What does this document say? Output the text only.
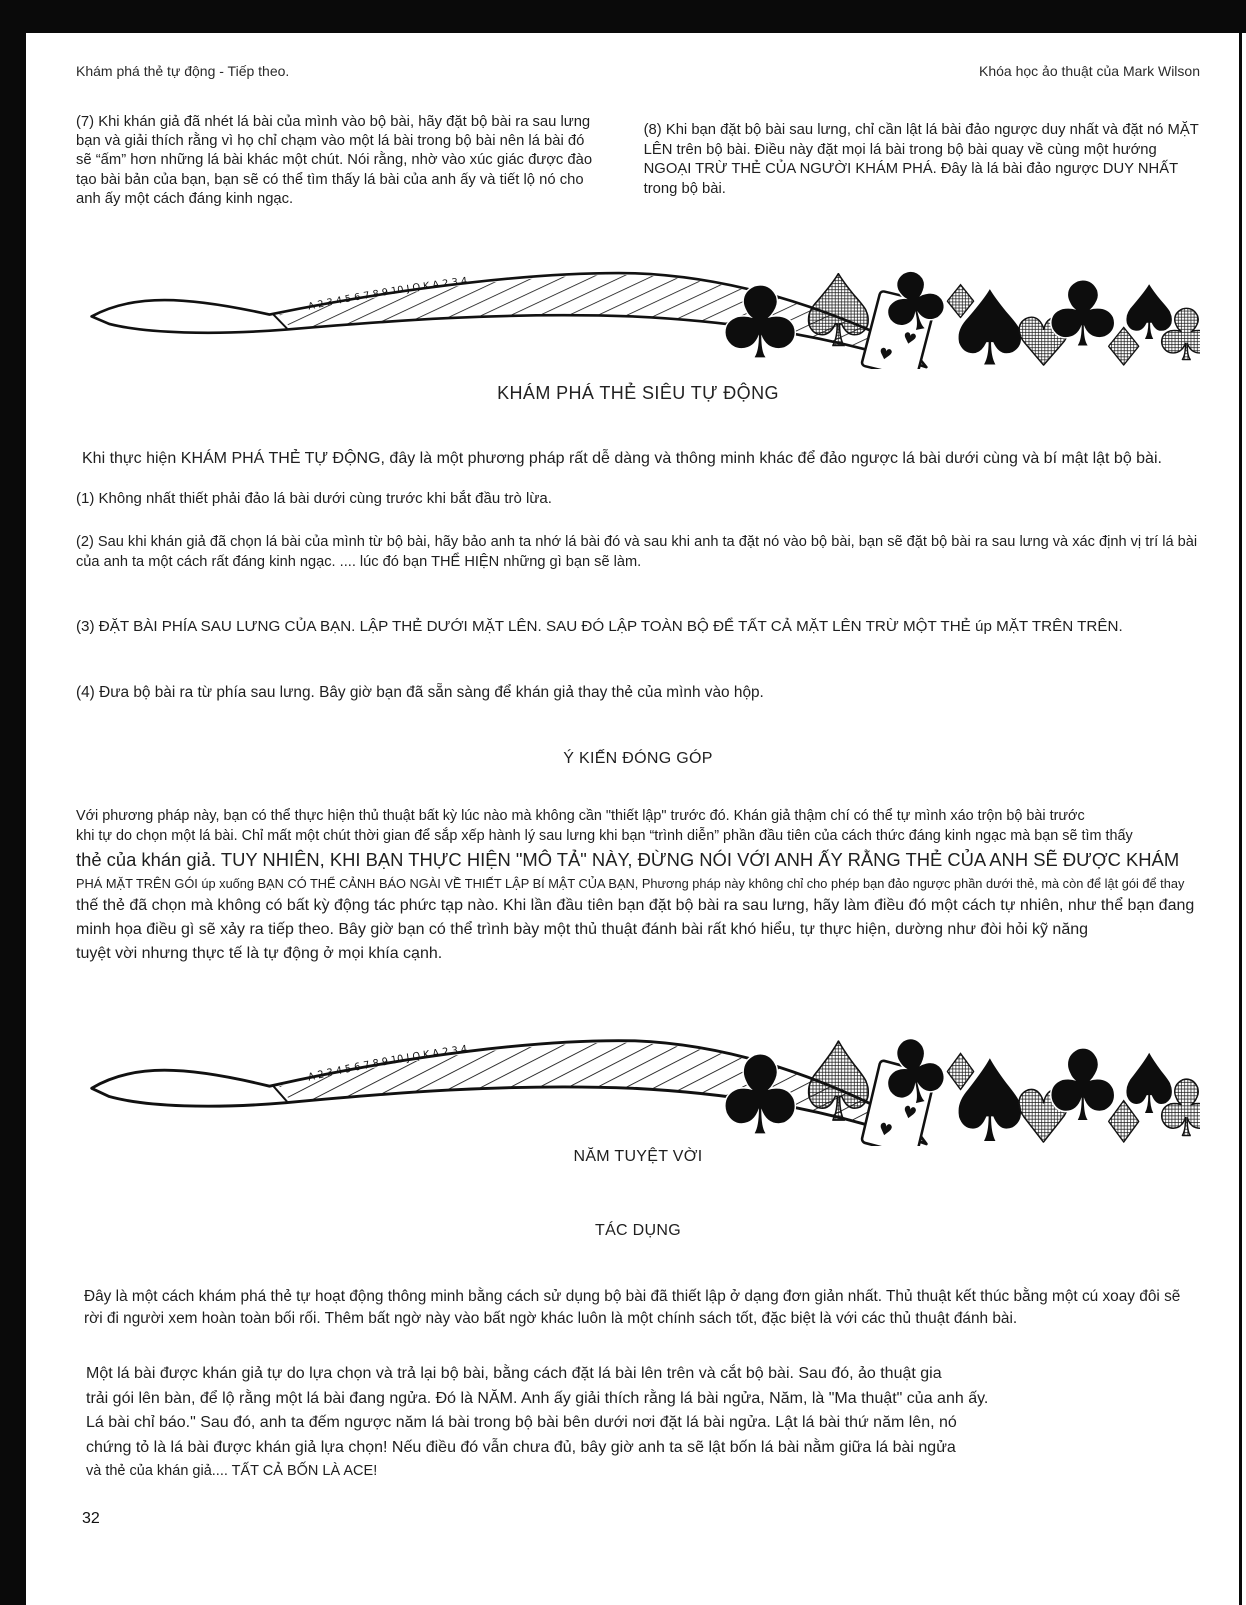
Khám phá thẻ tự động - Tiếp theo.	Khóa học ảo thuật của Mark Wilson

(7) Khi khán giả đã nhét lá bài của mình vào bộ bài, hãy đặt bộ bài ra sau lưng bạn và giải thích rằng vì họ chỉ chạm vào một lá bài trong bộ bài nên lá bài đó sẽ “ấm” hơn những lá bài khác một chút. Nói rằng, nhờ vào xúc giác được đào tạo bài bản của bạn, bạn sẽ có thể tìm thấy lá bài của anh ấy và tiết lộ nó cho anh ấy một cách đáng kinh ngạc.

(8) Khi bạn đặt bộ bài sau lưng, chỉ cần lật lá bài đảo ngược duy nhất và đặt nó MẶT LÊN trên bộ bài. Điều này đặt mọi lá bài trong bộ bài quay về cùng một hướng NGOẠI TRỪ THẺ CỦA NGƯỜI KHÁM PHÁ. Đây là lá bài đảo ngược DUY NHẤT trong bộ bài.

KHÁM PHÁ THẺ SIÊU TỰ ĐỘNG

Khi thực hiện KHÁM PHÁ THẺ TỰ ĐỘNG, đây là một phương pháp rất dễ dàng và thông minh khác để đảo ngược lá bài dưới cùng và bí mật lật bộ bài.

(1) Không nhất thiết phải đảo lá bài dưới cùng trước khi bắt đầu trò lừa.

(2) Sau khi khán giả đã chọn lá bài của mình từ bộ bài, hãy bảo anh ta nhớ lá bài đó và sau khi anh ta đặt nó vào bộ bài, bạn sẽ đặt bộ bài ra sau lưng và xác định vị trí lá bài của anh ta một cách rất đáng kinh ngạc. .... lúc đó bạn THỂ HIỆN những gì bạn sẽ làm.

(3) ĐẶT BÀI PHÍA SAU LƯNG CỦA BẠN. LẬP THẺ DƯỚI MẶT LÊN. SAU ĐÓ LẬP TOÀN BỘ ĐỂ TẤT CẢ MẶT LÊN TRỪ MỘT THẺ úp MẶT TRÊN TRÊN.

(4) Đưa bộ bài ra từ phía sau lưng. Bây giờ bạn đã sẵn sàng để khán giả thay thẻ của mình vào hộp.

Ý KIẾN ĐÓNG GÓP
Với phương pháp này, bạn có thể thực hiện thủ thuật bất kỳ lúc nào mà không cần "thiết lập" trước đó. Khán giả thậm chí có thể tự mình xáo trộn bộ bài trước
khi tự do chọn một lá bài. Chỉ mất một chút thời gian để sắp xếp hành lý sau lưng khi bạn “trình diễn” phần đầu tiên của cách thức đáng kinh ngạc mà bạn sẽ tìm thấy
thẻ của khán giả. TUY NHIÊN, KHI BẠN THỰC HIỆN "MÔ TẢ" NÀY, ĐỪNG NÓI VỚI ANH ẤY RẰNG THẺ CỦA ANH SẼ ĐƯỢC KHÁM
PHÁ MẶT TRÊN GÓI úp xuống BẠN CÓ THỂ CẢNH BÁO NGÀI VỀ THIẾT LẬP BÍ MẬT CỦA BẠN, Phương pháp này không chỉ cho phép bạn đảo ngược phần dưới thẻ, mà còn để lật gói để thay
thế thẻ đã chọn mà không có bất kỳ động tác phức tạp nào. Khi lần đầu tiên bạn đặt bộ bài ra sau lưng, hãy làm điều đó một cách tự nhiên, như thể bạn đang
minh họa điều gì sẽ xảy ra tiếp theo. Bây giờ bạn có thể trình bày một thủ thuật đánh bài rất khó hiểu, tự thực hiện, dường như đòi hỏi kỹ năng
tuyệt vời nhưng thực tế là tự động ở mọi khía cạnh.
NĂM TUYỆT VỜI
TÁC DỤNG

Đây là một cách khám phá thẻ tự hoạt động thông minh bằng cách sử dụng bộ bài đã thiết lập ở dạng đơn giản nhất. Thủ thuật kết thúc bằng một cú xoay đôi sẽ rời đi người xem hoàn toàn bối rối. Thêm bất ngờ này vào bất ngờ khác luôn là một chính sách tốt, đặc biệt là với các thủ thuật đánh bài.

Một lá bài được khán giả tự do lựa chọn và trả lại bộ bài, bằng cách đặt lá bài lên trên và cắt bộ bài. Sau đó, ảo thuật gia
trải gói lên bàn, để lộ rằng một lá bài đang ngửa. Đó là NĂM. Anh ấy giải thích rằng lá bài ngửa, Năm, là "Ma thuật" của anh ấy.
Lá bài chỉ báo." Sau đó, anh ta đếm ngược năm lá bài trong bộ bài bên dưới nơi đặt lá bài ngửa. Lật lá bài thứ năm lên, nó
chứng tỏ là lá bài được khán giả lựa chọn! Nếu điều đó vẫn chưa đủ, bây giờ anh ta sẽ lật bốn lá bài nằm giữa lá bài ngửa
và thẻ của khán giả.... TẤT CẢ BỐN LÀ ACE!
32
